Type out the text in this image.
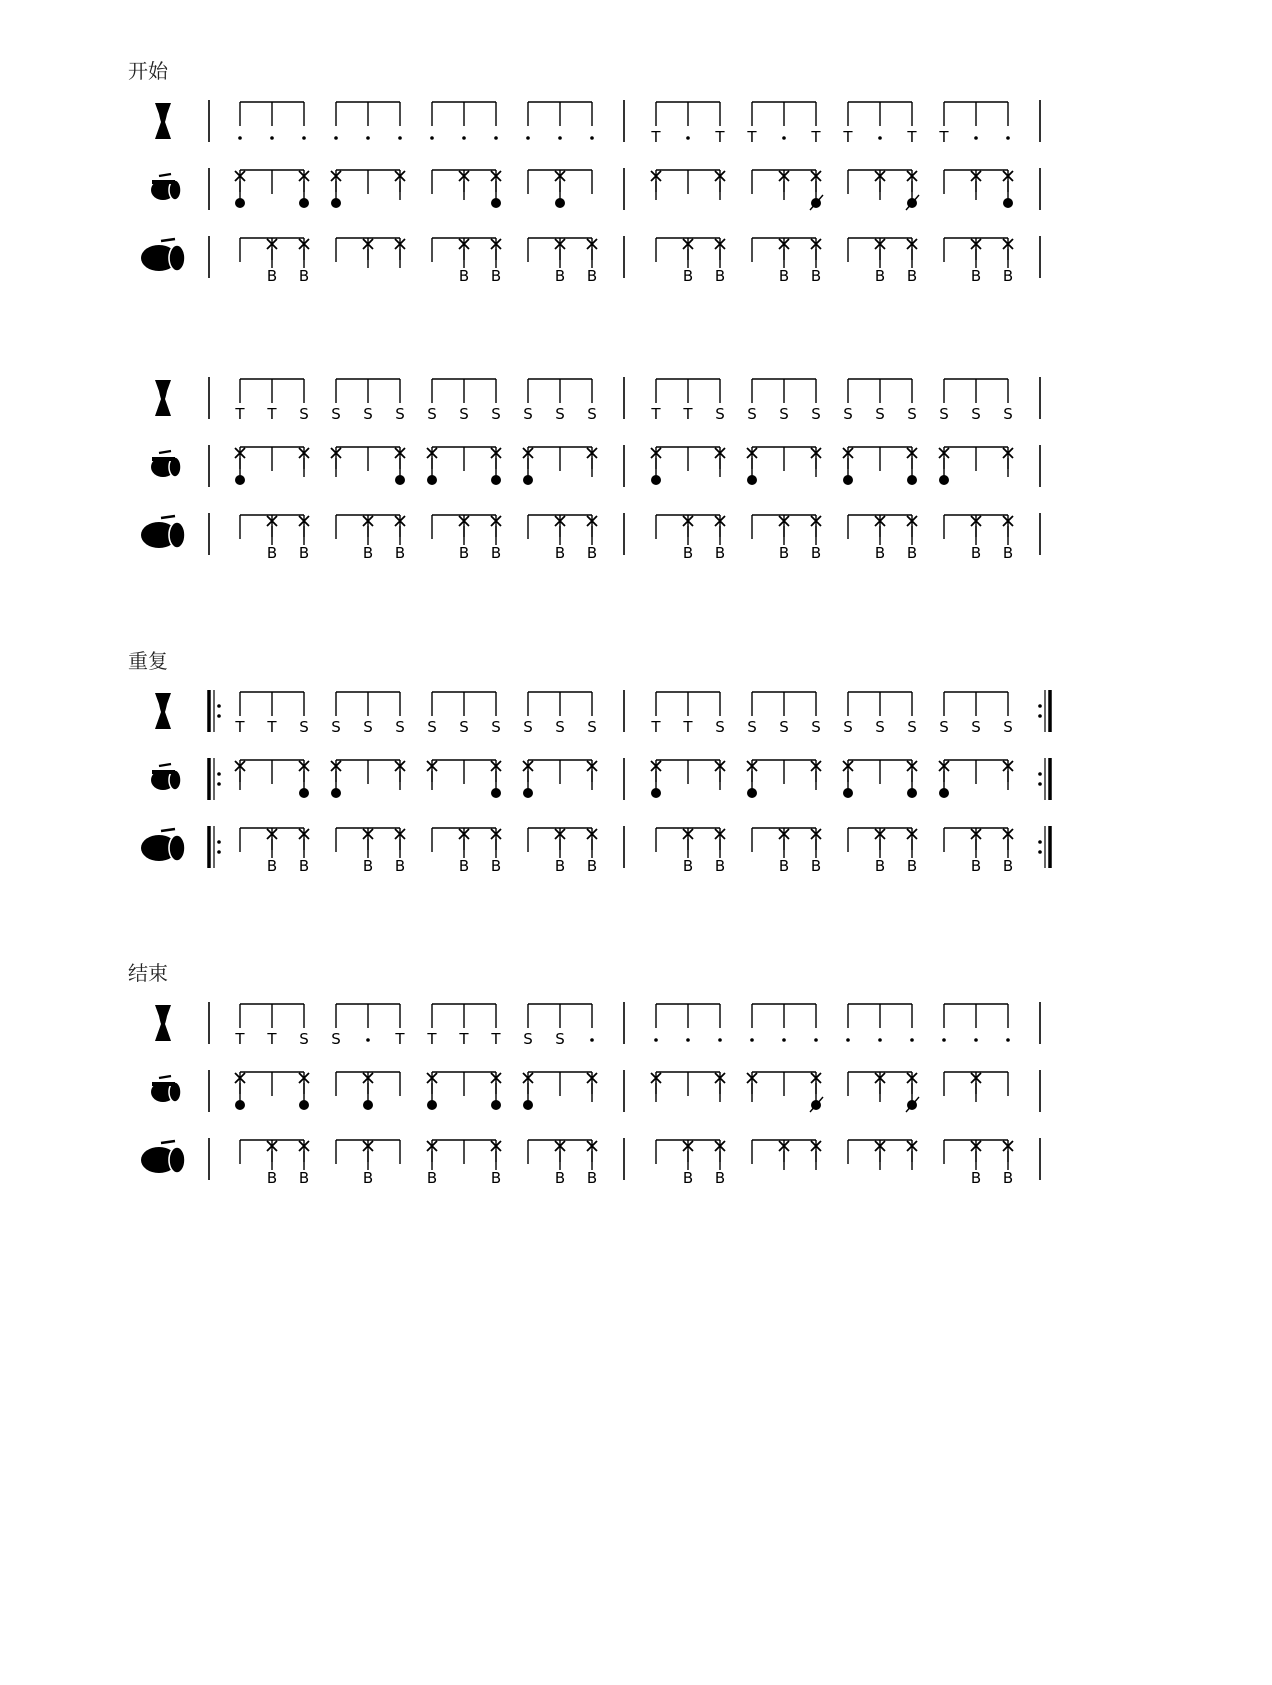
开始
T	T T	T T	T T
B B	B B	B B	B B	B B	B B	B B
T T S S S S S S S S S S	T T S S S S S S S S S S
B B	B B	B B	B B	B B	B B	B B	B B
重复
T T S S S S S S S S S S	T T S S S S S S S S S S
B B	B B	B B	B B	B B	B B	B B	B B
结束
T T S S	T T T T S S
B B	B	B	B	B B	B B	B B
